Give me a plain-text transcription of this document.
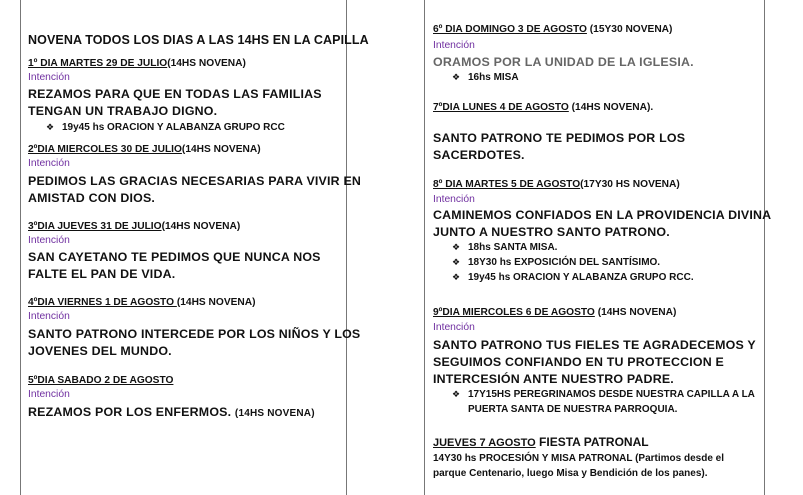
NOVENA TODOS LOS DIAS A LAS 14HS EN LA CAPILLA
1º DIA MARTES 29 DE JULIO(14HS NOVENA)
Intención
REZAMOS PARA QUE EN TODAS LAS FAMILIAS
TENGAN UN TRABAJO DIGNO.
❖ 19y45 hs ORACION Y ALABANZA GRUPO RCC
2ºDIA MIERCOLES 30 DE JULIO(14HS NOVENA)
Intención
PEDIMOS LAS GRACIAS NECESARIAS PARA VIVIR EN
AMISTAD CON DIOS.
3ºDIA JUEVES 31 DE JULIO(14HS NOVENA)
Intención
SAN CAYETANO TE PEDIMOS QUE NUNCA NOS
FALTE EL PAN DE VIDA.
4ºDIA VIERNES 1 DE AGOSTO (14HS NOVENA)
Intención
SANTO PATRONO INTERCEDE POR LOS NIÑOS Y LOS
JOVENES DEL MUNDO.
5ºDIA SABADO 2 DE AGOSTO
Intención
REZAMOS POR LOS ENFERMOS. (14HS NOVENA)
6º DIA DOMINGO 3 DE AGOSTO (15Y30 NOVENA)
Intención
ORAMOS POR LA UNIDAD DE LA IGLESIA.
❖ 16hs MISA
7ºDIA LUNES 4 DE AGOSTO (14HS NOVENA).
SANTO PATRONO TE PEDIMOS POR LOS
SACERDOTES.
8º DIA MARTES 5 DE AGOSTO(17Y30 HS NOVENA)
Intención
CAMINEMOS CONFIADOS EN LA PROVIDENCIA DIVINA
JUNTO A NUESTRO SANTO PATRONO.
❖ 18hs SANTA MISA.
❖ 18Y30 hs EXPOSICIÓN DEL SANTÍSIMO.
❖ 19y45 hs ORACION Y ALABANZA GRUPO RCC.
9ºDIA MIERCOLES 6 DE AGOSTO (14HS NOVENA)
Intención
SANTO PATRONO TUS FIELES TE AGRADECEMOS Y
SEGUIMOS CONFIANDO EN TU PROTECCION E
INTERCESIÓN ANTE NUESTRO PADRE.
❖ 17Y15HS PEREGRINAMOS DESDE NUESTRA CAPILLA A LA
PUERTA SANTA DE NUESTRA PARROQUIA.
JUEVES 7 AGOSTO FIESTA PATRONAL
14Y30 hs PROCESIÓN Y MISA PATRONAL (Partimos desde el
parque Centenario, luego Misa y Bendición de los panes).
